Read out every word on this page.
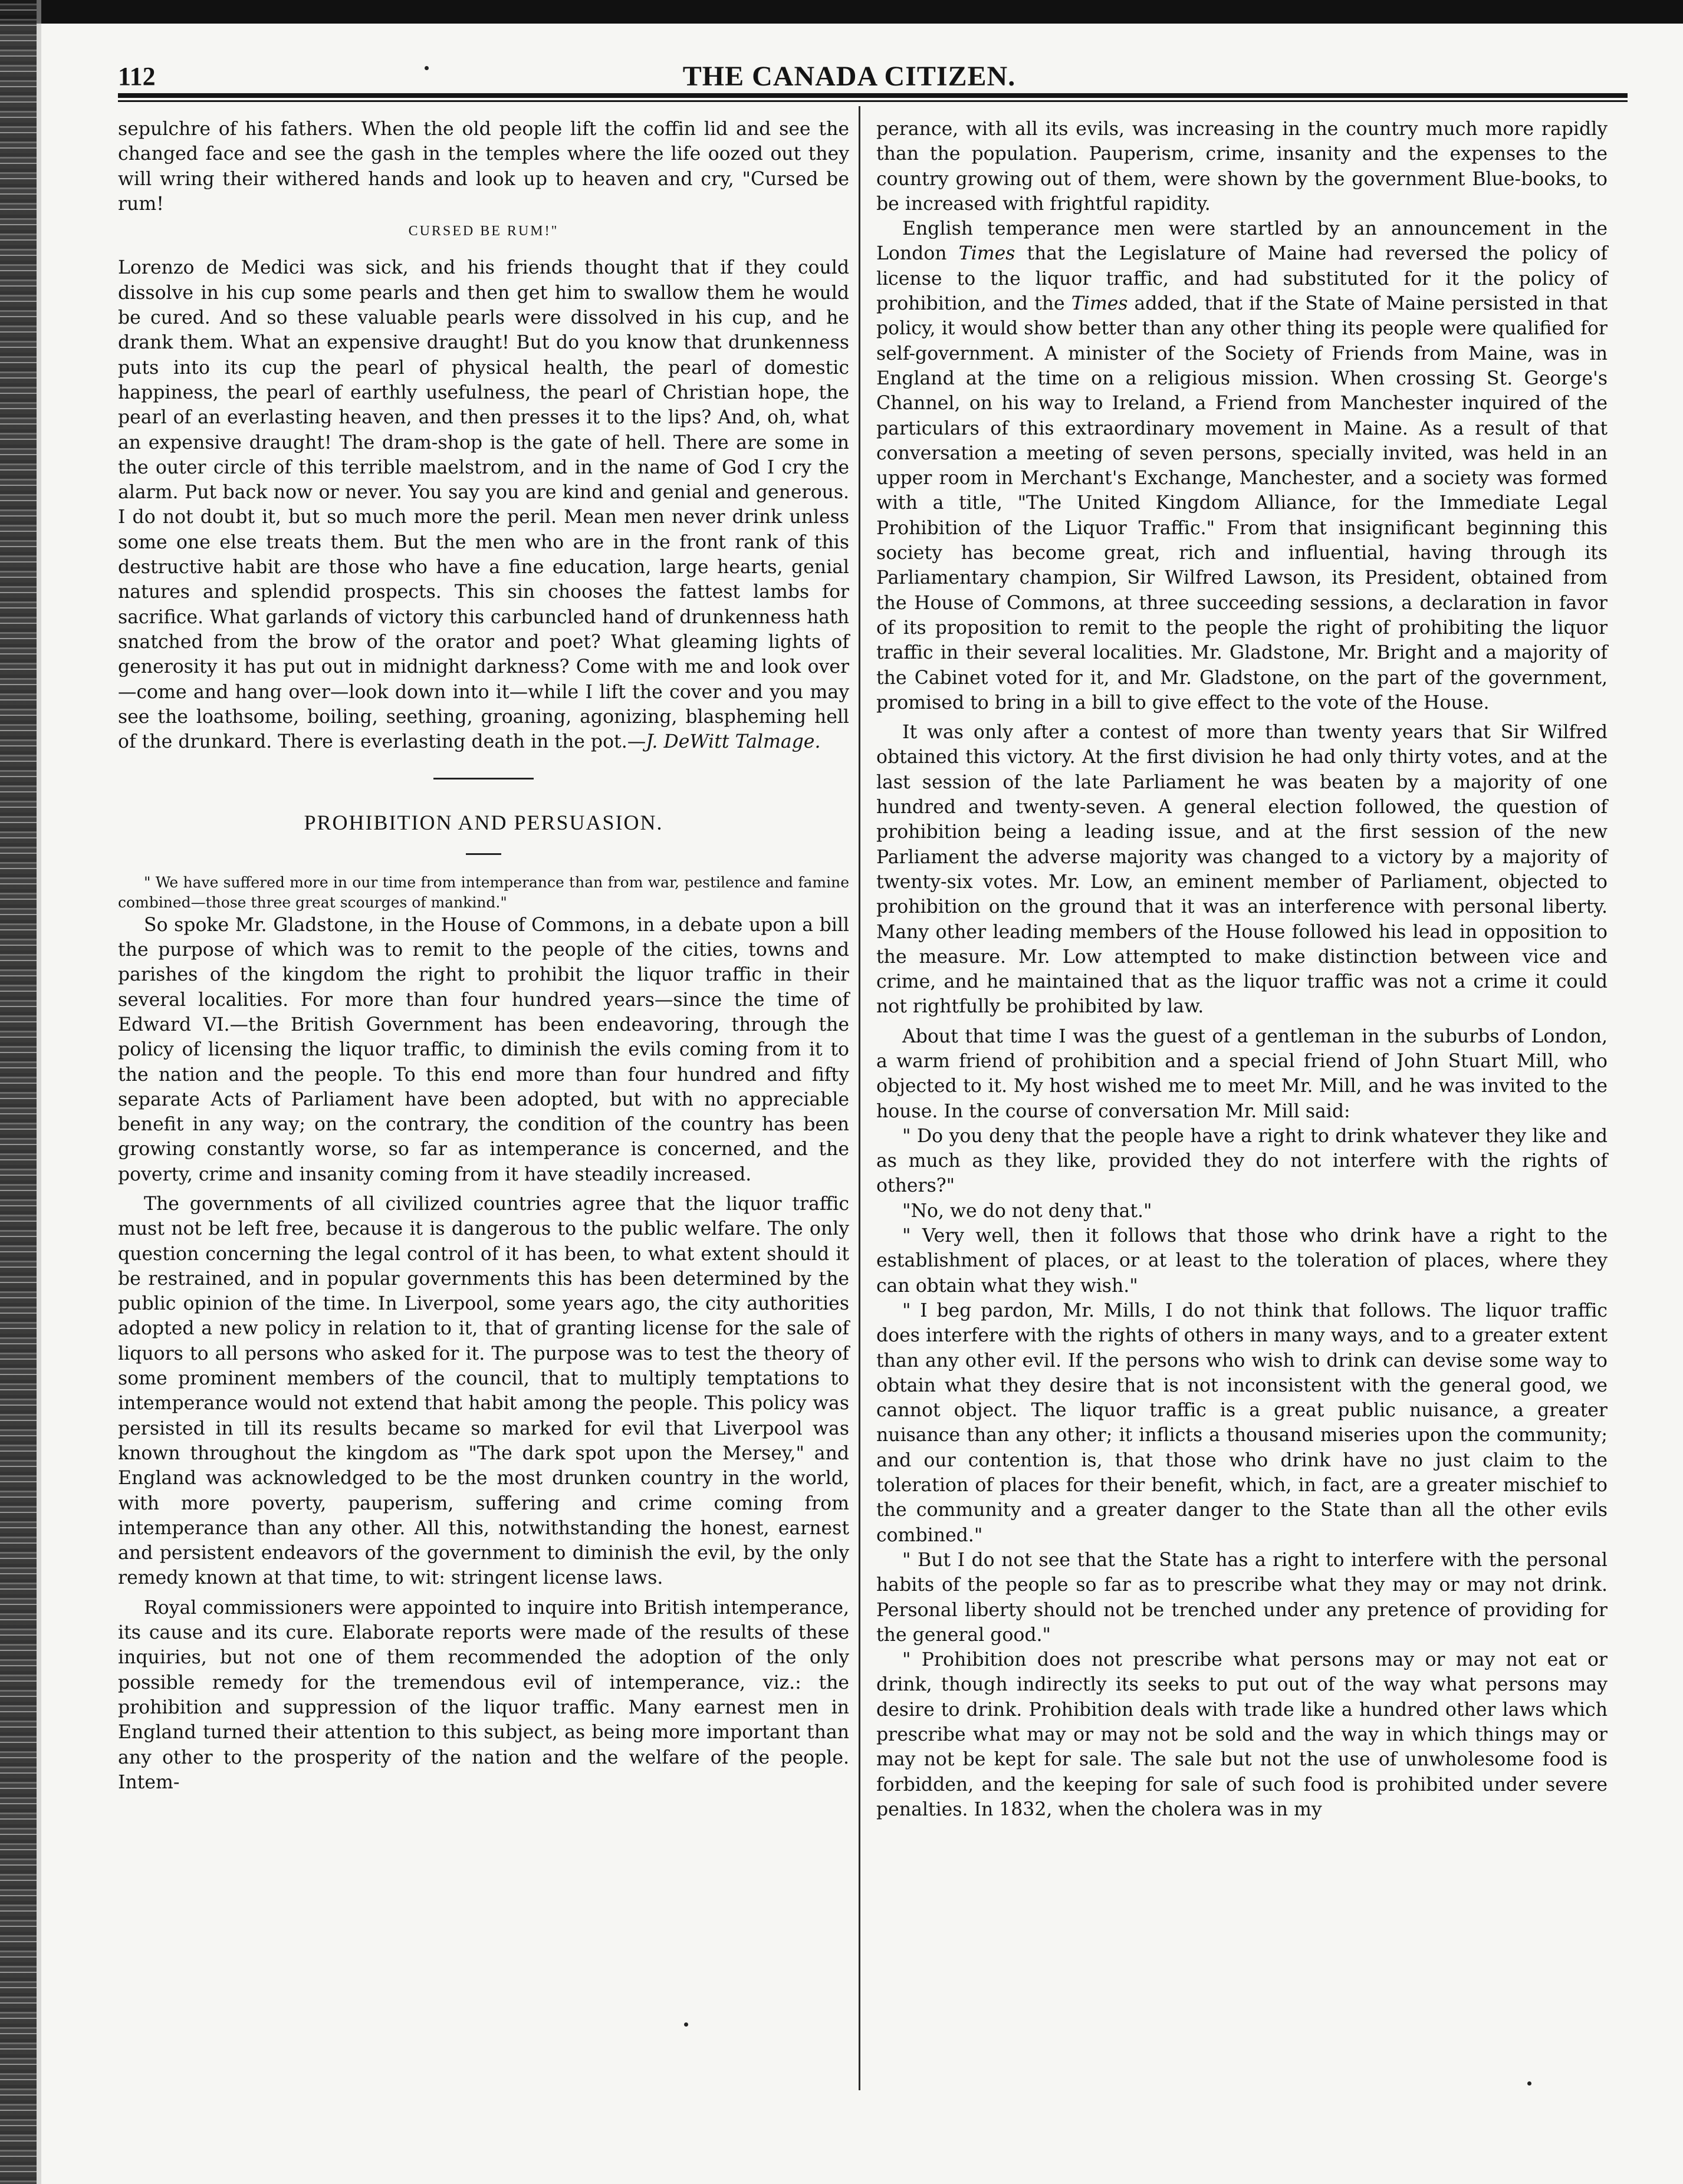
112	THE CANADA CITIZEN.

sepulchre of his fathers. When the old people lift the coffin lid and see the changed face and see the gash in the temples where the life oozed out they will wring their withered hands and look up to heaven and cry, "Cursed be rum!

CURSED BE RUM!"

Lorenzo de Medici was sick, and his friends thought that if they could dissolve in his cup some pearls and then get him to swallow them he would be cured. And so these valuable pearls were dissolved in his cup, and he drank them. What an expensive draught! But do you know that drunkenness puts into its cup the pearl of physical health, the pearl of domestic happiness, the pearl of earthly usefulness, the pearl of Christian hope, the pearl of an everlasting heaven, and then presses it to the lips? And, oh, what an expensive draught! The dram-shop is the gate of hell. There are some in the outer circle of this terrible maelstrom, and in the name of God I cry the alarm. Put back now or never. You say you are kind and genial and generous. I do not doubt it, but so much more the peril. Mean men never drink unless some one else treats them. But the men who are in the front rank of this destructive habit are those who have a fine education, large hearts, genial natures and splendid prospects. This sin chooses the fattest lambs for sacrifice. What garlands of victory this carbuncled hand of drunkenness hath snatched from the brow of the orator and poet? What gleaming lights of generosity it has put out in midnight darkness? Come with me and look over—come and hang over—look down into it—while I lift the cover and you may see the loathsome, boiling, seething, groaning, agonizing, blaspheming hell of the drunkard. There is everlasting death in the pot.—J. DeWitt Talmage.

PROHIBITION AND PERSUASION.

" We have suffered more in our time from intemperance than from war, pestilence and famine combined—those three great scourges of mankind."

So spoke Mr. Gladstone, in the House of Commons, in a debate upon a bill the purpose of which was to remit to the people of the cities, towns and parishes of the kingdom the right to prohibit the liquor traffic in their several localities. For more than four hundred years—since the time of Edward VI.—the British Government has been endeavoring, through the policy of licensing the liquor traffic, to diminish the evils coming from it to the nation and the people. To this end more than four hundred and fifty separate Acts of Parliament have been adopted, but with no appreciable benefit in any way; on the contrary, the condition of the country has been growing constantly worse, so far as intemperance is concerned, and the poverty, crime and insanity coming from it have steadily increased.

The governments of all civilized countries agree that the liquor traffic must not be left free, because it is dangerous to the public welfare. The only question concerning the legal control of it has been, to what extent should it be restrained, and in popular governments this has been determined by the public opinion of the time. In Liverpool, some years ago, the city authorities adopted a new policy in relation to it, that of granting license for the sale of liquors to all persons who asked for it. The purpose was to test the theory of some prominent members of the council, that to multiply temptations to intemperance would not extend that habit among the people. This policy was persisted in till its results became so marked for evil that Liverpool was known throughout the kingdom as "The dark spot upon the Mersey," and England was acknowledged to be the most drunken country in the world, with more poverty, pauperism, suffering and crime coming from intemperance than any other. All this, notwithstanding the honest, earnest and persistent endeavors of the government to diminish the evil, by the only remedy known at that time, to wit: stringent license laws.

Royal commissioners were appointed to inquire into British intemperance, its cause and its cure. Elaborate reports were made of the results of these inquiries, but not one of them recommended the adoption of the only possible remedy for the tremendous evil of intemperance, viz.: the prohibition and suppression of the liquor traffic. Many earnest men in England turned their attention to this subject, as being more important than any other to the prosperity of the nation and the welfare of the people. Intem-

perance, with all its evils, was increasing in the country much more rapidly than the population. Pauperism, crime, insanity and the expenses to the country growing out of them, were shown by the government Blue-books, to be increased with frightful rapidity.

English temperance men were startled by an announcement in the London Times that the Legislature of Maine had reversed the policy of license to the liquor traffic, and had substituted for it the policy of prohibition, and the Times added, that if the State of Maine persisted in that policy, it would show better than any other thing its people were qualified for self-government. A minister of the Society of Friends from Maine, was in England at the time on a religious mission. When crossing St. George's Channel, on his way to Ireland, a Friend from Manchester inquired of the particulars of this extraordinary movement in Maine. As a result of that conversation a meeting of seven persons, specially invited, was held in an upper room in Merchant's Exchange, Manchester, and a society was formed with a title, "The United Kingdom Alliance, for the Immediate Legal Prohibition of the Liquor Traffic." From that insignificant beginning this society has become great, rich and influential, having through its Parliamentary champion, Sir Wilfred Lawson, its President, obtained from the House of Commons, at three succeeding sessions, a declaration in favor of its proposition to remit to the people the right of prohibiting the liquor traffic in their several localities. Mr. Gladstone, Mr. Bright and a majority of the Cabinet voted for it, and Mr. Gladstone, on the part of the government, promised to bring in a bill to give effect to the vote of the House.

It was only after a contest of more than twenty years that Sir Wilfred obtained this victory. At the first division he had only thirty votes, and at the last session of the late Parliament he was beaten by a majority of one hundred and twenty-seven. A general election followed, the question of prohibition being a leading issue, and at the first session of the new Parliament the adverse majority was changed to a victory by a majority of twenty-six votes. Mr. Low, an eminent member of Parliament, objected to prohibition on the ground that it was an interference with personal liberty. Many other leading members of the House followed his lead in opposition to the measure. Mr. Low attempted to make distinction between vice and crime, and he maintained that as the liquor traffic was not a crime it could not rightfully be prohibited by law.

About that time I was the guest of a gentleman in the suburbs of London, a warm friend of prohibition and a special friend of John Stuart Mill, who objected to it. My host wished me to meet Mr. Mill, and he was invited to the house. In the course of conversation Mr. Mill said:

" Do you deny that the people have a right to drink whatever they like and as much as they like, provided they do not interfere with the rights of others?"

"No, we do not deny that."

" Very well, then it follows that those who drink have a right to the establishment of places, or at least to the toleration of places, where they can obtain what they wish."

" I beg pardon, Mr. Mills, I do not think that follows. The liquor traffic does interfere with the rights of others in many ways, and to a greater extent than any other evil. If the persons who wish to drink can devise some way to obtain what they desire that is not inconsistent with the general good, we cannot object. The liquor traffic is a great public nuisance, a greater nuisance than any other; it inflicts a thousand miseries upon the community; and our contention is, that those who drink have no just claim to the toleration of places for their benefit, which, in fact, are a greater mischief to the community and a greater danger to the State than all the other evils combined."

" But I do not see that the State has a right to interfere with the personal habits of the people so far as to prescribe what they may or may not drink. Personal liberty should not be trenched under any pretence of providing for the general good."

" Prohibition does not prescribe what persons may or may not eat or drink, though indirectly its seeks to put out of the way what persons may desire to drink. Prohibition deals with trade like a hundred other laws which prescribe what may or may not be sold and the way in which things may or may not be kept for sale. The sale but not the use of unwholesome food is forbidden, and the keeping for sale of such food is prohibited under severe penalties. In 1832, when the cholera was in my
